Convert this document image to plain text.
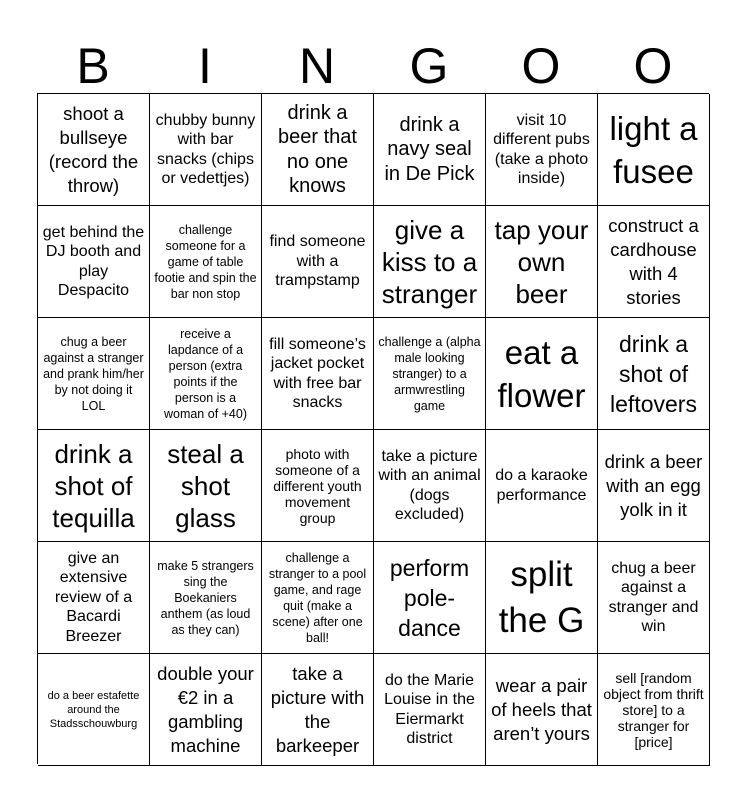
B	I	N	G	O	O
shoot a bullseye (record the throw)
chubby bunny with bar snacks (chips or vedettjes)
drink a beer that no one knows
drink a navy seal in De Pick
visit 10 different pubs (take a photo inside)
light a fusee
get behind the DJ booth and play Despacito
challenge someone for a game of table footie and spin the bar non stop
find someone with a trampstamp
give a kiss to a stranger
tap your own beer
construct a cardhouse with 4 stories
chug a beer against a stranger and prank him/her by not doing it LOL
receive a lapdance of a person (extra points if the person is a woman of +40)
fill someone’s jacket pocket with free bar snacks
challenge a (alpha male looking stranger) to a armwrestling game
eat a flower
drink a shot of leftovers
drink a shot of tequilla
steal a shot glass
photo with someone of a different youth movement group
take a picture with an animal (dogs excluded)
do a karaoke performance
drink a beer with an egg yolk in it
give an extensive review of a Bacardi Breezer
make 5 strangers sing the Boekaniers anthem (as loud as they can)
challenge a stranger to a pool game, and rage quit (make a scene) after one ball!
perform pole-dance
split the G
chug a beer against a stranger and win
do a beer estafette around the Stadsschouwburg
double your €2 in a gambling machine
take a picture with the barkeeper
do the Marie Louise in the Eiermarkt district
wear a pair of heels that aren’t yours
sell [random object from thrift store] to a stranger for [price]
